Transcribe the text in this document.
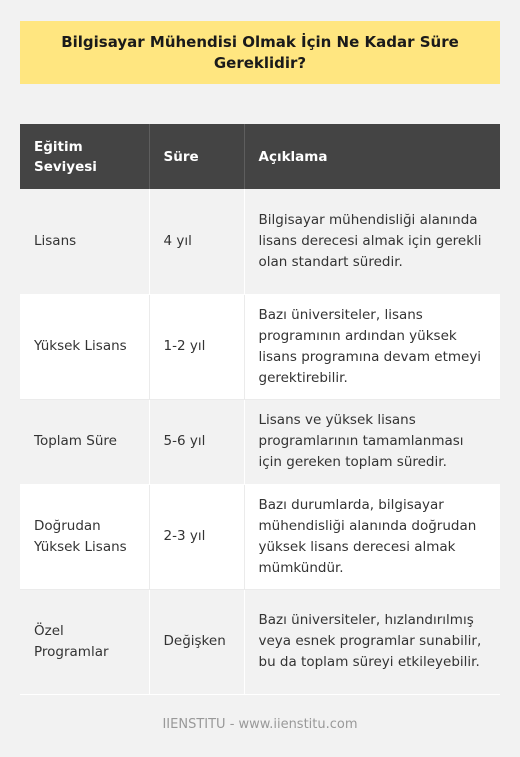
Bilgisayar Mühendisi Olmak İçin Ne Kadar Süre Gereklidir?
Eğitim Seviyesi	Süre	Açıklama
Lisans	4 yıl	Bilgisayar mühendisliği alanında lisans derecesi almak için gerekli olan standart süredir.
Yüksek Lisans	1-2 yıl	Bazı üniversiteler, lisans programının ardından yüksek lisans programına devam etmeyi gerektirebilir.
Toplam Süre	5-6 yıl	Lisans ve yüksek lisans programlarının tamamlanması için gereken toplam süredir.
Doğrudan Yüksek Lisans	2-3 yıl	Bazı durumlarda, bilgisayar mühendisliği alanında doğrudan yüksek lisans derecesi almak mümkündür.
Özel Programlar	Değişken	Bazı üniversiteler, hızlandırılmış veya esnek programlar sunabilir, bu da toplam süreyi etkileyebilir.
IIENSTITU - www.iienstitu.com
